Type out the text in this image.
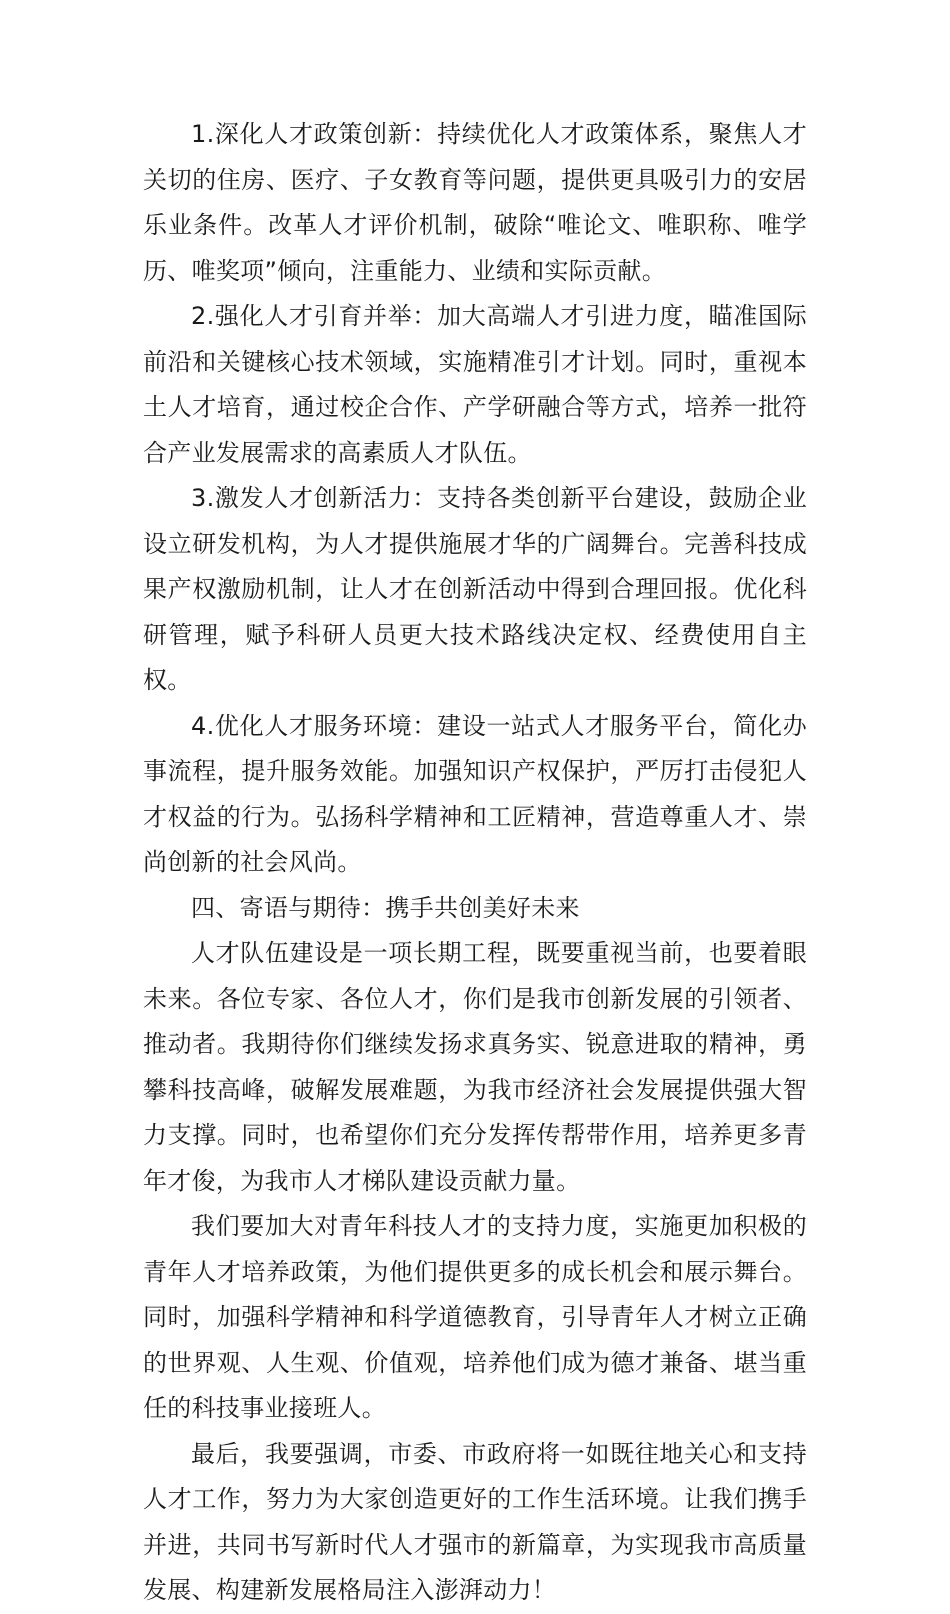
1.深化人才政策创新：持续优化人才政策体系，聚焦人才关切的住房、医疗、子女教育等问题，提供更具吸引力的安居乐业条件。改革人才评价机制，破除“唯论文、唯职称、唯学历、唯奖项”倾向，注重能力、业绩和实际贡献。

2.强化人才引育并举：加大高端人才引进力度，瞄准国际前沿和关键核心技术领域，实施精准引才计划。同时，重视本土人才培育，通过校企合作、产学研融合等方式，培养一批符合产业发展需求的高素质人才队伍。

3.激发人才创新活力：支持各类创新平台建设，鼓励企业设立研发机构，为人才提供施展才华的广阔舞台。完善科技成果产权激励机制，让人才在创新活动中得到合理回报。优化科研管理，赋予科研人员更大技术路线决定权、经费使用自主权。

4.优化人才服务环境：建设一站式人才服务平台，简化办事流程，提升服务效能。加强知识产权保护，严厉打击侵犯人才权益的行为。弘扬科学精神和工匠精神，营造尊重人才、崇尚创新的社会风尚。

四、寄语与期待：携手共创美好未来

人才队伍建设是一项长期工程，既要重视当前，也要着眼未来。各位专家、各位人才，你们是我市创新发展的引领者、推动者。我期待你们继续发扬求真务实、锐意进取的精神，勇攀科技高峰，破解发展难题，为我市经济社会发展提供强大智力支撑。同时，也希望你们充分发挥传帮带作用，培养更多青年才俊，为我市人才梯队建设贡献力量。

我们要加大对青年科技人才的支持力度，实施更加积极的青年人才培养政策，为他们提供更多的成长机会和展示舞台。同时，加强科学精神和科学道德教育，引导青年人才树立正确的世界观、人生观、价值观，培养他们成为德才兼备、堪当重任的科技事业接班人。

最后，我要强调，市委、市政府将一如既往地关心和支持人才工作，努力为大家创造更好的工作生活环境。让我们携手并进，共同书写新时代人才强市的新篇章，为实现我市高质量发展、构建新发展格局注入澎湃动力！
